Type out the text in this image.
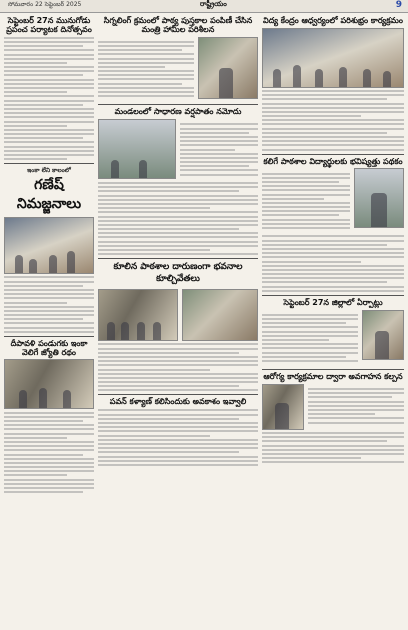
సోమవారం 22 సెప్టెంబర్ 2025	రాష్ట్రీయం	9
సెప్టెంబర్ 27న మునుగోడు ప్రపంచ పర్యాటక దినోత్సవం
ఇంకా లేని కాలంలో
గణేష్ నిమజ్జనాలు
దీపావళి పండుగకు ఇంకా వెలిగే జ్యోతి రథం
సిగ్నలింగ్ క్రమంలో పాఠ్య పుస్తకాల పంపిణీ చేసిన మంత్రి హామీల పరిశీలన
మండలంలో సాధారణ వర్షపాతం నమోదు
కూలిన పాఠశాల దారుణంగా భవనాల కూల్చివేతలు
పవన్ కళ్యాణ్ కలిసిందుకు అవకాశం ఇవ్వాలి
విద్య కేంద్రం ఆధ్వర్యంలో పరిశుభ్రం కార్యక్రమం
కలిగే పాఠశాల విద్యార్థులకు భవిష్యత్తు పథకం
సెప్టెంబర్ 27న జిల్లాలో ఏర్పాట్లు
ఆరోగ్య కార్యక్రమాల ద్వారా అవగాహన కల్పన
